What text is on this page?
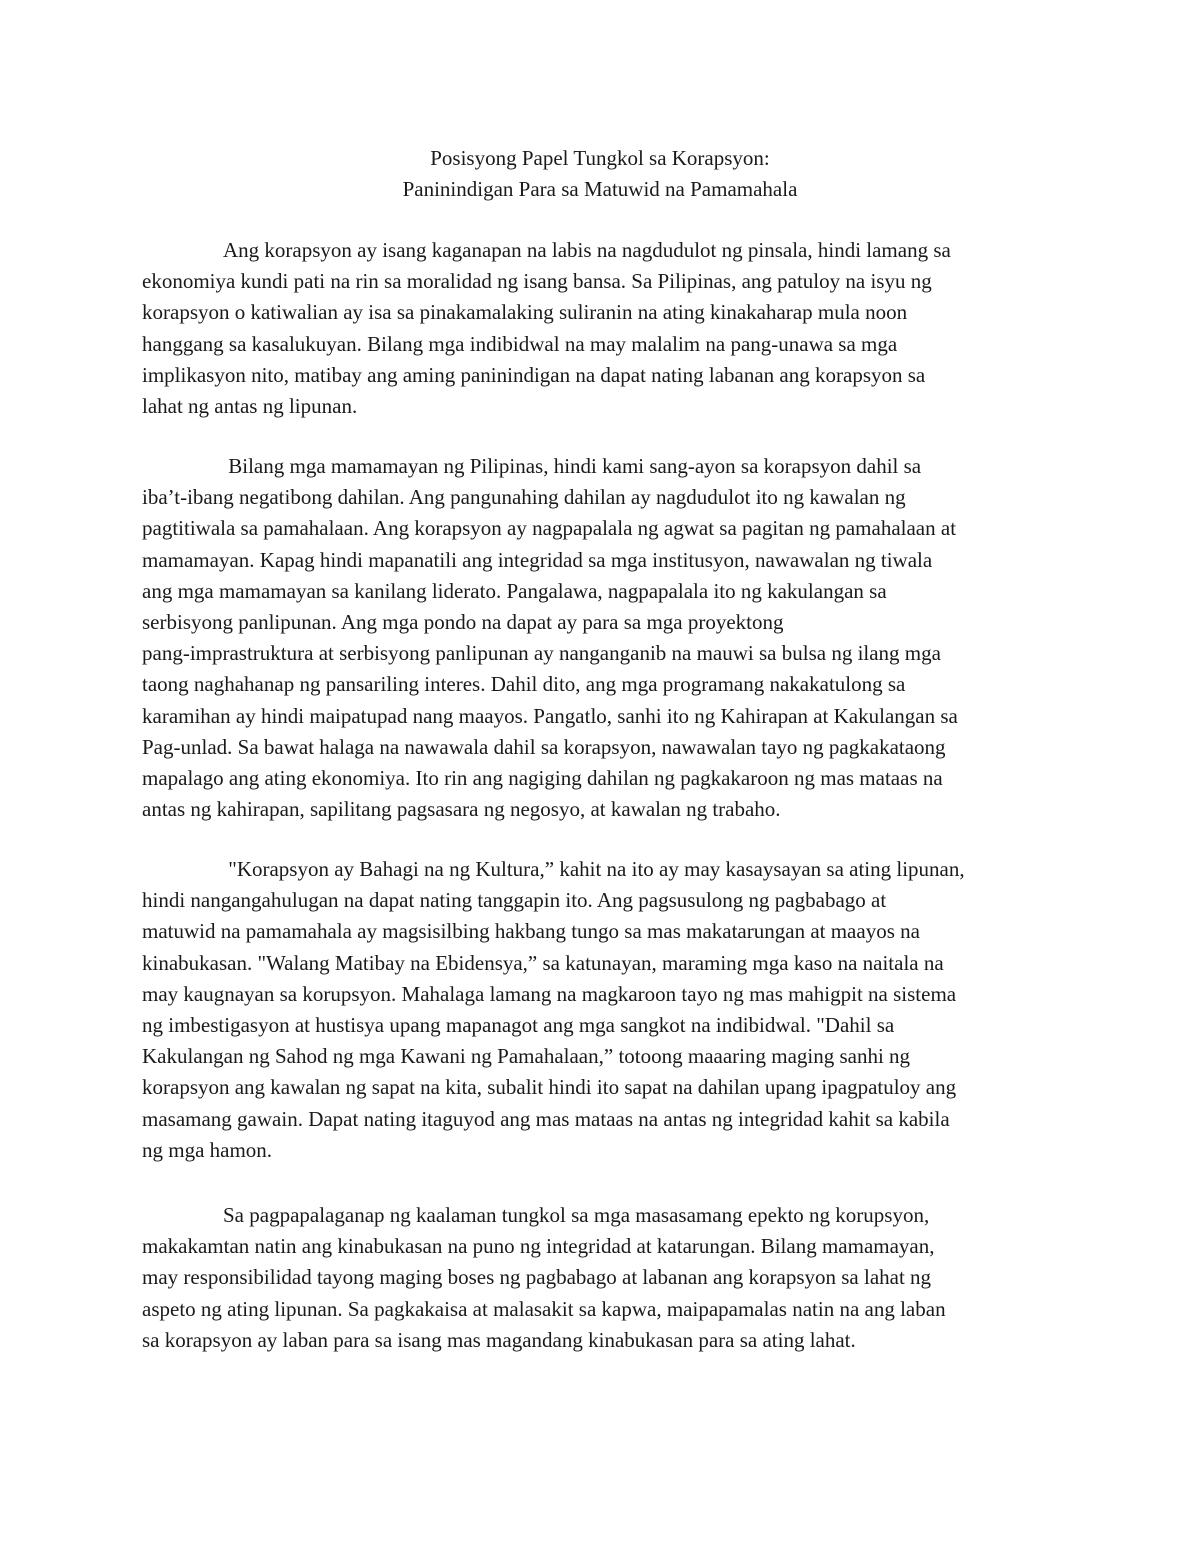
Posisyong Papel Tungkol sa Korapsyon:
Paninindigan Para sa Matuwid na Pamamahala
Ang korapsyon ay isang kaganapan na labis na nagdudulot ng pinsala, hindi lamang sa
ekonomiya kundi pati na rin sa moralidad ng isang bansa. Sa Pilipinas, ang patuloy na isyu ng
korapsyon o katiwalian ay isa sa pinakamalaking suliranin na ating kinakaharap mula noon
hanggang sa kasalukuyan. Bilang mga indibidwal na may malalim na pang-unawa sa mga
implikasyon nito, matibay ang aming paninindigan na dapat nating labanan ang korapsyon sa
lahat ng antas ng lipunan.
Bilang mga mamamayan ng Pilipinas, hindi kami sang-ayon sa korapsyon dahil sa
iba’t-ibang negatibong dahilan. Ang pangunahing dahilan ay nagdudulot ito ng kawalan ng
pagtitiwala sa pamahalaan. Ang korapsyon ay nagpapalala ng agwat sa pagitan ng pamahalaan at
mamamayan. Kapag hindi mapanatili ang integridad sa mga institusyon, nawawalan ng tiwala
ang mga mamamayan sa kanilang liderato. Pangalawa, nagpapalala ito ng kakulangan sa
serbisyong panlipunan. Ang mga pondo na dapat ay para sa mga proyektong
pang-imprastruktura at serbisyong panlipunan ay nanganganib na mauwi sa bulsa ng ilang mga
taong naghahanap ng pansariling interes. Dahil dito, ang mga programang nakakatulong sa
karamihan ay hindi maipatupad nang maayos. Pangatlo, sanhi ito ng Kahirapan at Kakulangan sa
Pag-unlad. Sa bawat halaga na nawawala dahil sa korapsyon, nawawalan tayo ng pagkakataong
mapalago ang ating ekonomiya. Ito rin ang nagiging dahilan ng pagkakaroon ng mas mataas na
antas ng kahirapan, sapilitang pagsasara ng negosyo, at kawalan ng trabaho.
"Korapsyon ay Bahagi na ng Kultura,” kahit na ito ay may kasaysayan sa ating lipunan,
hindi nangangahulugan na dapat nating tanggapin ito. Ang pagsusulong ng pagbabago at
matuwid na pamamahala ay magsisilbing hakbang tungo sa mas makatarungan at maayos na
kinabukasan. "Walang Matibay na Ebidensya,” sa katunayan, maraming mga kaso na naitala na
may kaugnayan sa korupsyon. Mahalaga lamang na magkaroon tayo ng mas mahigpit na sistema
ng imbestigasyon at hustisya upang mapanagot ang mga sangkot na indibidwal. "Dahil sa
Kakulangan ng Sahod ng mga Kawani ng Pamahalaan,” totoong maaaring maging sanhi ng
korapsyon ang kawalan ng sapat na kita, subalit hindi ito sapat na dahilan upang ipagpatuloy ang
masamang gawain. Dapat nating itaguyod ang mas mataas na antas ng integridad kahit sa kabila
ng mga hamon.
Sa pagpapalaganap ng kaalaman tungkol sa mga masasamang epekto ng korupsyon,
makakamtan natin ang kinabukasan na puno ng integridad at katarungan. Bilang mamamayan,
may responsibilidad tayong maging boses ng pagbabago at labanan ang korapsyon sa lahat ng
aspeto ng ating lipunan. Sa pagkakaisa at malasakit sa kapwa, maipapamalas natin na ang laban
sa korapsyon ay laban para sa isang mas magandang kinabukasan para sa ating lahat.
